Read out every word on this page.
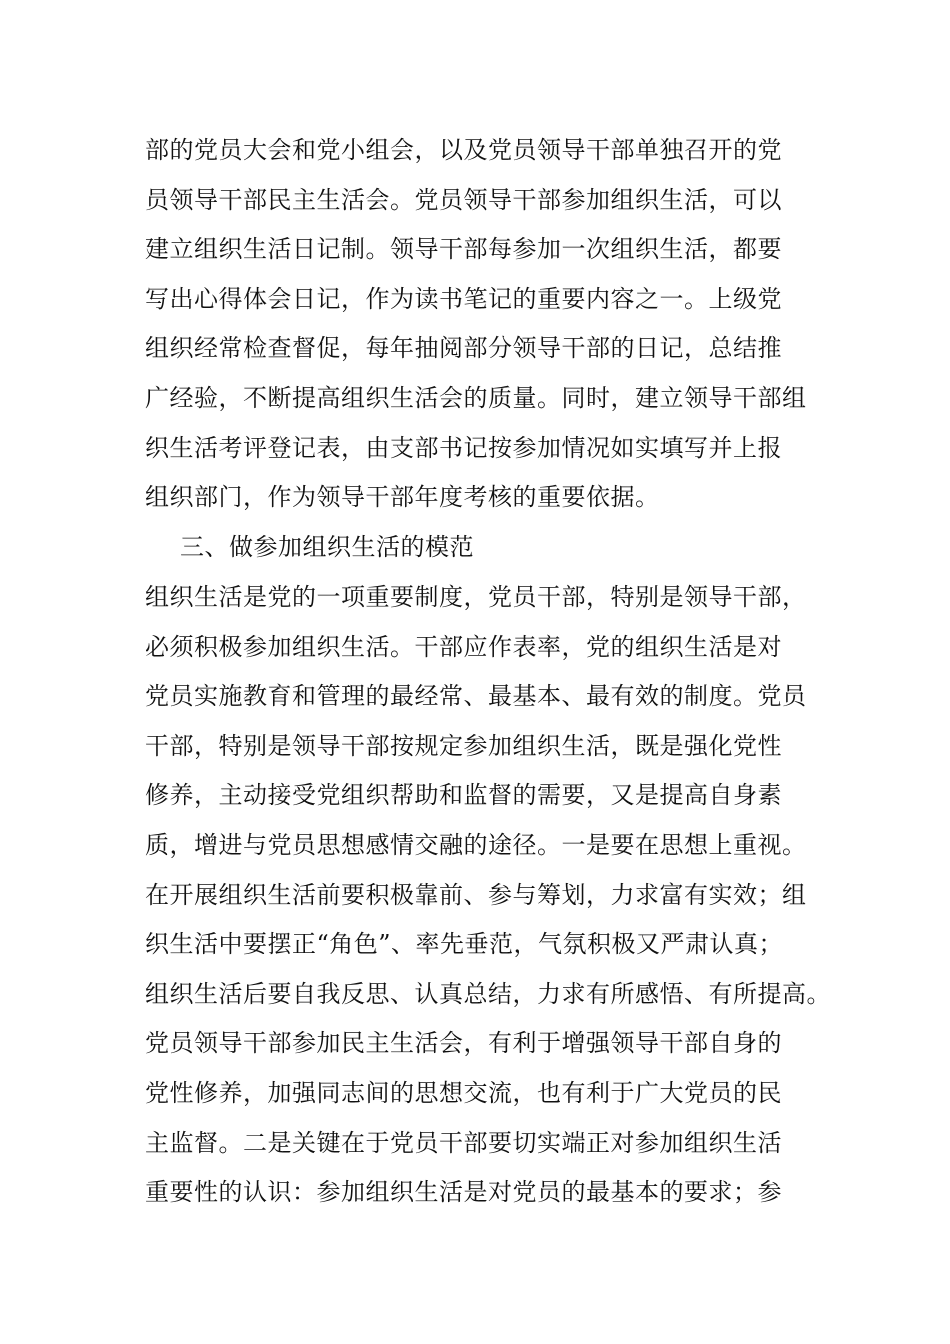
部的党员大会和党小组会，以及党员领导干部单独召开的党
员领导干部民主生活会。党员领导干部参加组织生活，可以
建立组织生活日记制。领导干部每参加一次组织生活，都要
写出心得体会日记，作为读书笔记的重要内容之一。上级党
组织经常检查督促，每年抽阅部分领导干部的日记，总结推
广经验，不断提高组织生活会的质量。同时，建立领导干部组
织生活考评登记表，由支部书记按参加情况如实填写并上报
组织部门，作为领导干部年度考核的重要依据。
三、做参加组织生活的模范
组织生活是党的一项重要制度，党员干部，特别是领导干部，
必须积极参加组织生活。干部应作表率，党的组织生活是对
党员实施教育和管理的最经常、最基本、最有效的制度。党员
干部，特别是领导干部按规定参加组织生活，既是强化党性
修养，主动接受党组织帮助和监督的需要，又是提高自身素
质，增进与党员思想感情交融的途径。一是要在思想上重视。
在开展组织生活前要积极靠前、参与筹划，力求富有实效；组
织生活中要摆正“角色”、率先垂范，气氛积极又严肃认真；
组织生活后要自我反思、认真总结，力求有所感悟、有所提高。
党员领导干部参加民主生活会，有利于增强领导干部自身的
党性修养，加强同志间的思想交流，也有利于广大党员的民
主监督。二是关键在于党员干部要切实端正对参加组织生活
重要性的认识：参加组织生活是对党员的最基本的要求；参
